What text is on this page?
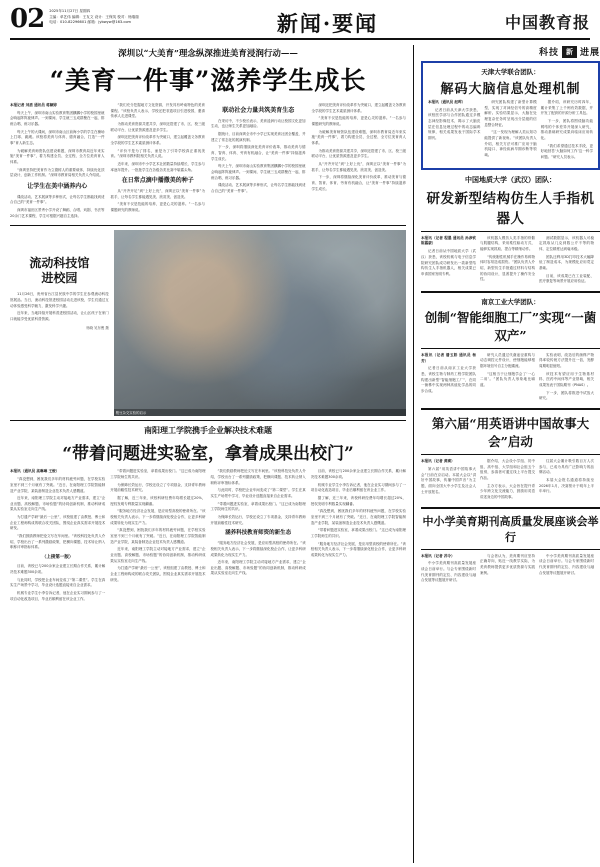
02 2025年11月27日 星期四
主编：单艺伟 编辑：王友文 设计：王保英 校对：杨瑞瑞
电话：010-82296601 邮箱：jybwyw@163.com	新闻·要闻	中国教育报
深圳以“大美育”理念纵深推进美育浸润行动——
“美育一件事”滋养学生成长
本报记者 刘盾 通讯员 蒋颖婷

每天上午，深圳市南山实验教育集团麒麟小学的校园里就会响起阵阵旋律声。一到课间，学生就三五成群聚在一起，排练合唱、练习乐器。

每天上午的大课间，深圳市南山区前海小学的学生在操场上打球、跳绳。该校将美育与体育、德育融合，打造“一件事”育人新生态。

为破解美育师资队伍建设难题，深圳市教育局近年来实施“美育一件事”，着力构建全员、全过程、全方位美育育人体系。

“深圳坚持把美育作为立德树人的重要载体，持续优化顶层设计，创新工作机制。”深圳市教育局相关负责人介绍说。

让学生在美中涵养内心

课改活动、艺术展演等多种形式，让每名学生都能找到适合自己的“美育一件事”。

深圳市福田区景秀小学开设了舞蹈、合唱、戏剧、书法等20余门艺术课程，学生可根据兴趣自主选择。

“我们充分挖掘地方文化资源，开发具有岭南特色的美育课程。”该校负责人表示，学校还把非遗项目引进校园，邀请传承人走进课堂。

为推动美育资源共建共享，深圳还搭建了市、区、校三级联动平台，让优质资源惠及更多学生。

深圳还把美育评价改革作为突破口，建立起覆盖义务教育全学段的学生艺术素质测评体系。

“评价不是为了排名，而是为了引导学校真正重视美育。”深圳市教科院相关负责人说。

近年来，深圳市中小学艺术社团数量持续增长，学生参与率逐年提升。一批批学生在各级各类比赛中崭露头角。

在日常点滴中播撒美的种子

从“开齐开足”到“上好上优”，深圳正以“美育一件事”为抓手，让每名学生都能遇见美、欣赏美、创造美。

“美育不仅是技能的培养，更是心灵的滋养。”一名参与课题研究的教师说。

联动社会力量共筑美育生态

在采访中，不少校长表示，美育浸润行动让校园文化更加生动，也让师生关系更加融洽。

据统计，目前深圳全市中小学已实现美育社团全覆盖，并建立了常态化的展演机制。

下一步，深圳将继续深化美育评价改革，推动美育与德育、智育、体育、劳育有机融合，让“美育一件事”持续滋养学生成长。

每天上午，深圳市南山实验教育集团麒麟小学的校园里就会响起阵阵旋律声。一到课间，学生就三五成群聚在一起，排练合唱、练习乐器。

课改活动、艺术展演等多种形式，让每名学生都能找到适合自己的“美育一件事”。

深圳还把美育评价改革作为突破口，建立起覆盖义务教育全学段的学生艺术素质测评体系。

“美育不仅是技能的培养，更是心灵的滋养。”一名参与课题研究的教师说。

为破解美育师资队伍建设难题，深圳市教育局近年来实施“美育一件事”，着力构建全员、全过程、全方位美育育人体系。

为推动美育资源共建共享，深圳还搭建了市、区、校三级联动平台，让优质资源惠及更多学生。

从“开齐开足”到“上好上优”，深圳正以“美育一件事”为抓手，让每名学生都能遇见美、欣赏美、创造美。

下一步，深圳将继续深化美育评价改革，推动美育与德育、智育、体育、劳育有机融合，让“美育一件事”持续滋养学生成长。

流动科技馆
进校园

11月26日，贵州省台江县民族中学的学生在参观流动科技馆展品。当日，流动科技馆进校园活动走进该校，学生们通过互动体验感受科学魅力，激发科学兴趣。

近年来，当地持续开展科普进校园活动，让山区孩子在家门口就能享受优质科普资源。

杨晓 吴东俊 摄
骏豆杂交实验的启示
南阳理工学院携手企业解决技术难题
“带着问题进实验室，拿着成果出校门”
本报讯（通讯员 高琳琳 王俊）

“真没想到，困扰我们多年的材料疲劳问题，在学校实验室里不到三个月就有了突破。”近日，在南阳理工学院智能制造产业学院，某装备制造企业技术负责人感慨道。

近年来，南阳理工学院主动对接地方产业需求，建立“企业出题、高校解题、市场验题”的协同创新机制，推动科研成果从实验室走向生产线。

为打通产学研“最后一公里”，该校组建了由教授、博士和企业工程师构成的联合攻关团队，围绕企业真实需求开展技术研发。

“我们鼓励教师把论文写在车间里。”该校科技处负责人介绍，学校出台了一系列激励政策，把横向课题、技术转让纳入职称评审指标体系。

（上接第一版）

目前，该校已与200余家企业建立长期合作关系，累计解决技术难题300余项。

与此同时，学校把企业车间变成了“第二课堂”。学生在真实生产场景中学习，毕业设计选题直接来自企业需求。

机械专业学生小李告诉记者，他在企业实习期间参与了一项自动化改造项目，毕业后顺利留在该企业工作。

“带着问题进实验室，拿着成果出校门。”这已成为南阳理工学院师生的共识。

为保障长效运行，学校还设立了专项基金，支持青年教师开展前瞻性技术研究。

据了解，近三年来，该校科研经费年均增长超过20%，授权发明专利数量实现翻番。

“服务地方经济社会发展，是应用型高校的使命所在。”该校相关负责人表示，下一步将继续深化校企合作，让更多科研成果转化为现实生产力。

“真没想到，困扰我们多年的材料疲劳问题，在学校实验室里不到三个月就有了突破。”近日，在南阳理工学院智能制造产业学院，某装备制造企业技术负责人感慨道。

近年来，南阳理工学院主动对接地方产业需求，建立“企业出题、高校解题、市场验题”的协同创新机制，推动科研成果从实验室走向生产线。

为打通产学研“最后一公里”，该校组建了由教授、博士和企业工程师构成的联合攻关团队，围绕企业真实需求开展技术研发。

“我们鼓励教师把论文写在车间里。”该校科技处负责人介绍，学校出台了一系列激励政策，把横向课题、技术转让纳入职称评审指标体系。

与此同时，学校把企业车间变成了“第二课堂”。学生在真实生产场景中学习，毕业设计选题直接来自企业需求。

“带着问题进实验室，拿着成果出校门。”这已成为南阳理工学院师生的共识。

为保障长效运行，学校还设立了专项基金，支持青年教师开展前瞻性技术研究。

涵养科技教育师资的新生态

“服务地方经济社会发展，是应用型高校的使命所在。”该校相关负责人表示，下一步将继续深化校企合作，让更多科研成果转化为现实生产力。

近年来，南阳理工学院主动对接地方产业需求，建立“企业出题、高校解题、市场验题”的协同创新机制，推动科研成果从实验室走向生产线。

目前，该校已与200余家企业建立长期合作关系，累计解决技术难题300余项。

机械专业学生小李告诉记者，他在企业实习期间参与了一项自动化改造项目，毕业后顺利留在该企业工作。

据了解，近三年来，该校科研经费年均增长超过20%，授权发明专利数量实现翻番。

“真没想到，困扰我们多年的材料疲劳问题，在学校实验室里不到三个月就有了突破。”近日，在南阳理工学院智能制造产业学院，某装备制造企业技术负责人感慨道。

“带着问题进实验室，拿着成果出校门。”这已成为南阳理工学院师生的共识。

“服务地方经济社会发展，是应用型高校的使命所在。”该校相关负责人表示，下一步将继续深化校企合作，让更多科研成果转化为现实生产力。

科技	新 进展
天津大学联合团队：
解码大脑信息处理机制
本报讯（通讯员 赵晖）

记者日前从天津大学获悉，该校医学部与合作团队通过多模态神经影像技术，揭示了大脑皮层在信息处理过程中的动态编码规律，相关成果发表于国际学术期刊。

研究团队构建了新型计算模型，实现了对神经信号的高精度解析。实验结果显示，大脑在处理复杂任务时呈现出分层级的信息整合特征。

“这一发现为理解人类认知功能提供了新视角。”该团队负责人介绍，相关方法可推广应用于脑机接口、神经疾病早期诊断等领域。

据介绍，该研究历时四年，累计采集了上千例有效数据，并开发了配套的开源分析工具包。

下一步，团队将围绕脑功能网络的个体差异开展深入研究，推动基础研究成果向临床应用转化。

“我们希望通过技术手段，更好地回答‘大脑如何工作’这一科学问题。”研究人员表示。

中国地质大学（武汉）团队：
研发新型结构仿生人手指机器人
本报讯（记者 程墨 通讯员 孙彦钦 陈露蒙）

记者日前从中国地质大学（武汉）获悉，该校机械与电子信息学院研究团队成功研发出一款新型结构仿生人手指机器人，相关成果已申请国家发明专利。

该机器人模仿人类手指的骨骼与肌腱结构，采用柔性驱动方式，能够实现抓取、捏合等精细动作。

“传统刚性机械手在操作易碎物体时容易造成损伤。”团队负责人介绍，新型仿生手指通过材料与结构的协同设计，显著提升了操作安全性。

测试数据显示，该机器人可稳定抓取从几克到数公斤不等的物体，定位精度达到毫米级。

团队还利用3D打印技术大幅降低了制造成本，为规模化应用奠定基础。

目前，该成果已在工业装配、医疗康复等场景开展应用验证。

南京工业大学团队：
创制“智能细胞工厂”实现“一菌双产”
本报讯（记者 潘玉娇 通讯员 杨芳）

记者日前从南京工业大学获悉，该校生物与制药工程学院团队构建出新型“智能细胞工厂”，在同一菌株中实现两种高值化学品的同步合成。

研究人员通过代谢途径重构与动态调控元件设计，使细胞能够根据环境信号自主分配碳流。

“这相当于让细胞学会了‘一心二用’。”团队负责人形象地比喻道。

实验表明，改造后的菌株产物得率较传统方法提升近一倍，发酵周期明显缩短。

该技术有望应用于生物基材料、医药中间体等产业领域，相关成果发表于国际期刊《PNAS》。

下一步，团队将推进中试放大研究。

第六届“用英语讲中国故事大会”启动
本报讯（记者 黄璜）

第六届“用英语讲中国故事大会”日前在京启动。本届大会以“讲好中国故事，传播中国声音”为主题，面向全国大中小学生及社会人士开放报名。

据介绍，大会设小学组、初中组、高中组、大学组和社会组五个组别，参赛者可通过线上平台提交作品。

主办方表示，大会旨在提升青少年跨文化交流能力，鼓励用英语讲述身边的中国故事。

往届大会累计吸引数百万人次参与，已成为具有广泛影响力的品牌活动。

本届大会报名通道将持续至2026年1月，决赛预计于明年上半年举行。

中小学美育期刊高质量发展座谈会举行
本报讯（记者 苏令）

中小学美育期刊高质量发展座谈会日前举行。与会专家围绕新时代美育期刊的定位、内容建设与融合发展等议题展开研讨。

与会者认为，美育期刊应坚持正确导向，贴近一线教学实际，为美育教师提供更多优质资源与实践案例。

中小学美育期刊高质量发展座谈会日前举行。与会专家围绕新时代美育期刊的定位、内容建设与融合发展等议题展开研讨。
